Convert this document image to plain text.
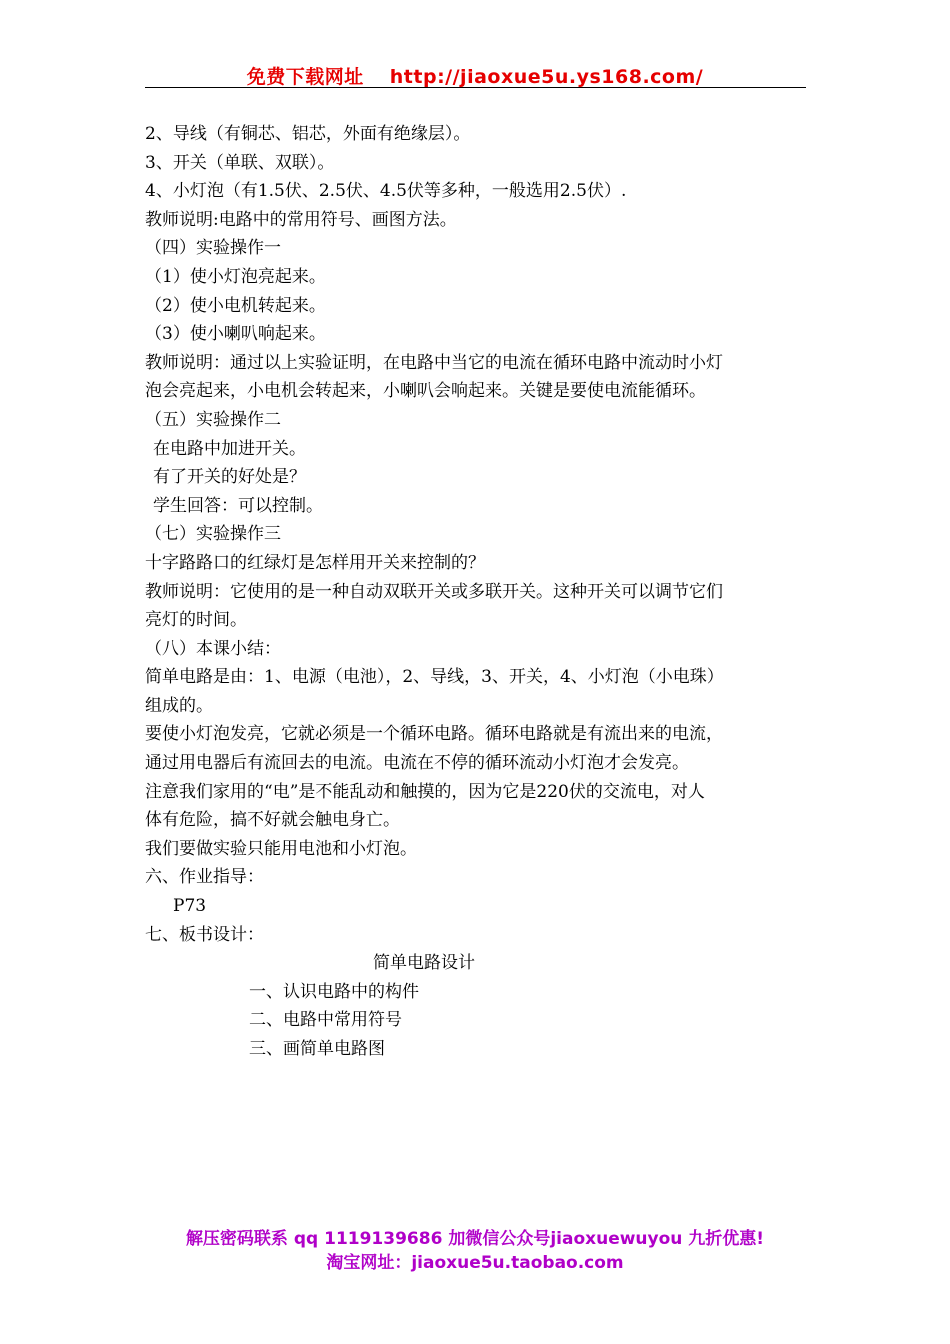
免费下载网址 http://jiaoxue5u.ys168.com/
2、导线（有铜芯、铝芯，外面有绝缘层）。
3、开关（单联、双联）。
4、小灯泡（有1.5伏、2.5伏、4.5伏等多种，一般选用2.5伏）.
教师说明:电路中的常用符号、画图方法。
（四）实验操作一
（1）使小灯泡亮起来。
（2）使小电机转起来。
（3）使小喇叭响起来。
教师说明：通过以上实验证明，在电路中当它的电流在循环电路中流动时小灯
泡会亮起来，小电机会转起来，小喇叭会响起来。关键是要使电流能循环。
（五）实验操作二
在电路中加进开关。
有了开关的好处是？
学生回答：可以控制。
（七）实验操作三
十字路路口的红绿灯是怎样用开关来控制的？
教师说明：它使用的是一种自动双联开关或多联开关。这种开关可以调节它们
亮灯的时间。
（八）本课小结：
简单电路是由：1、电源（电池），2、导线，3、开关，4、小灯泡（小电珠）
组成的。
要使小灯泡发亮，它就必须是一个循环电路。循环电路就是有流出来的电流，
通过用电器后有流回去的电流。电流在不停的循环流动小灯泡才会发亮。
注意我们家用的“电”是不能乱动和触摸的，因为它是220伏的交流电，对人
体有危险，搞不好就会触电身亡。
我们要做实验只能用电池和小灯泡。
六、作业指导：
P73
七、板书设计：
简单电路设计
一、认识电路中的构件
二、电路中常用符号
三、画简单电路图
解压密码联系 qq 1119139686 加微信公众号jiaoxuewuyou 九折优惠!
淘宝网址：jiaoxue5u.taobao.com
